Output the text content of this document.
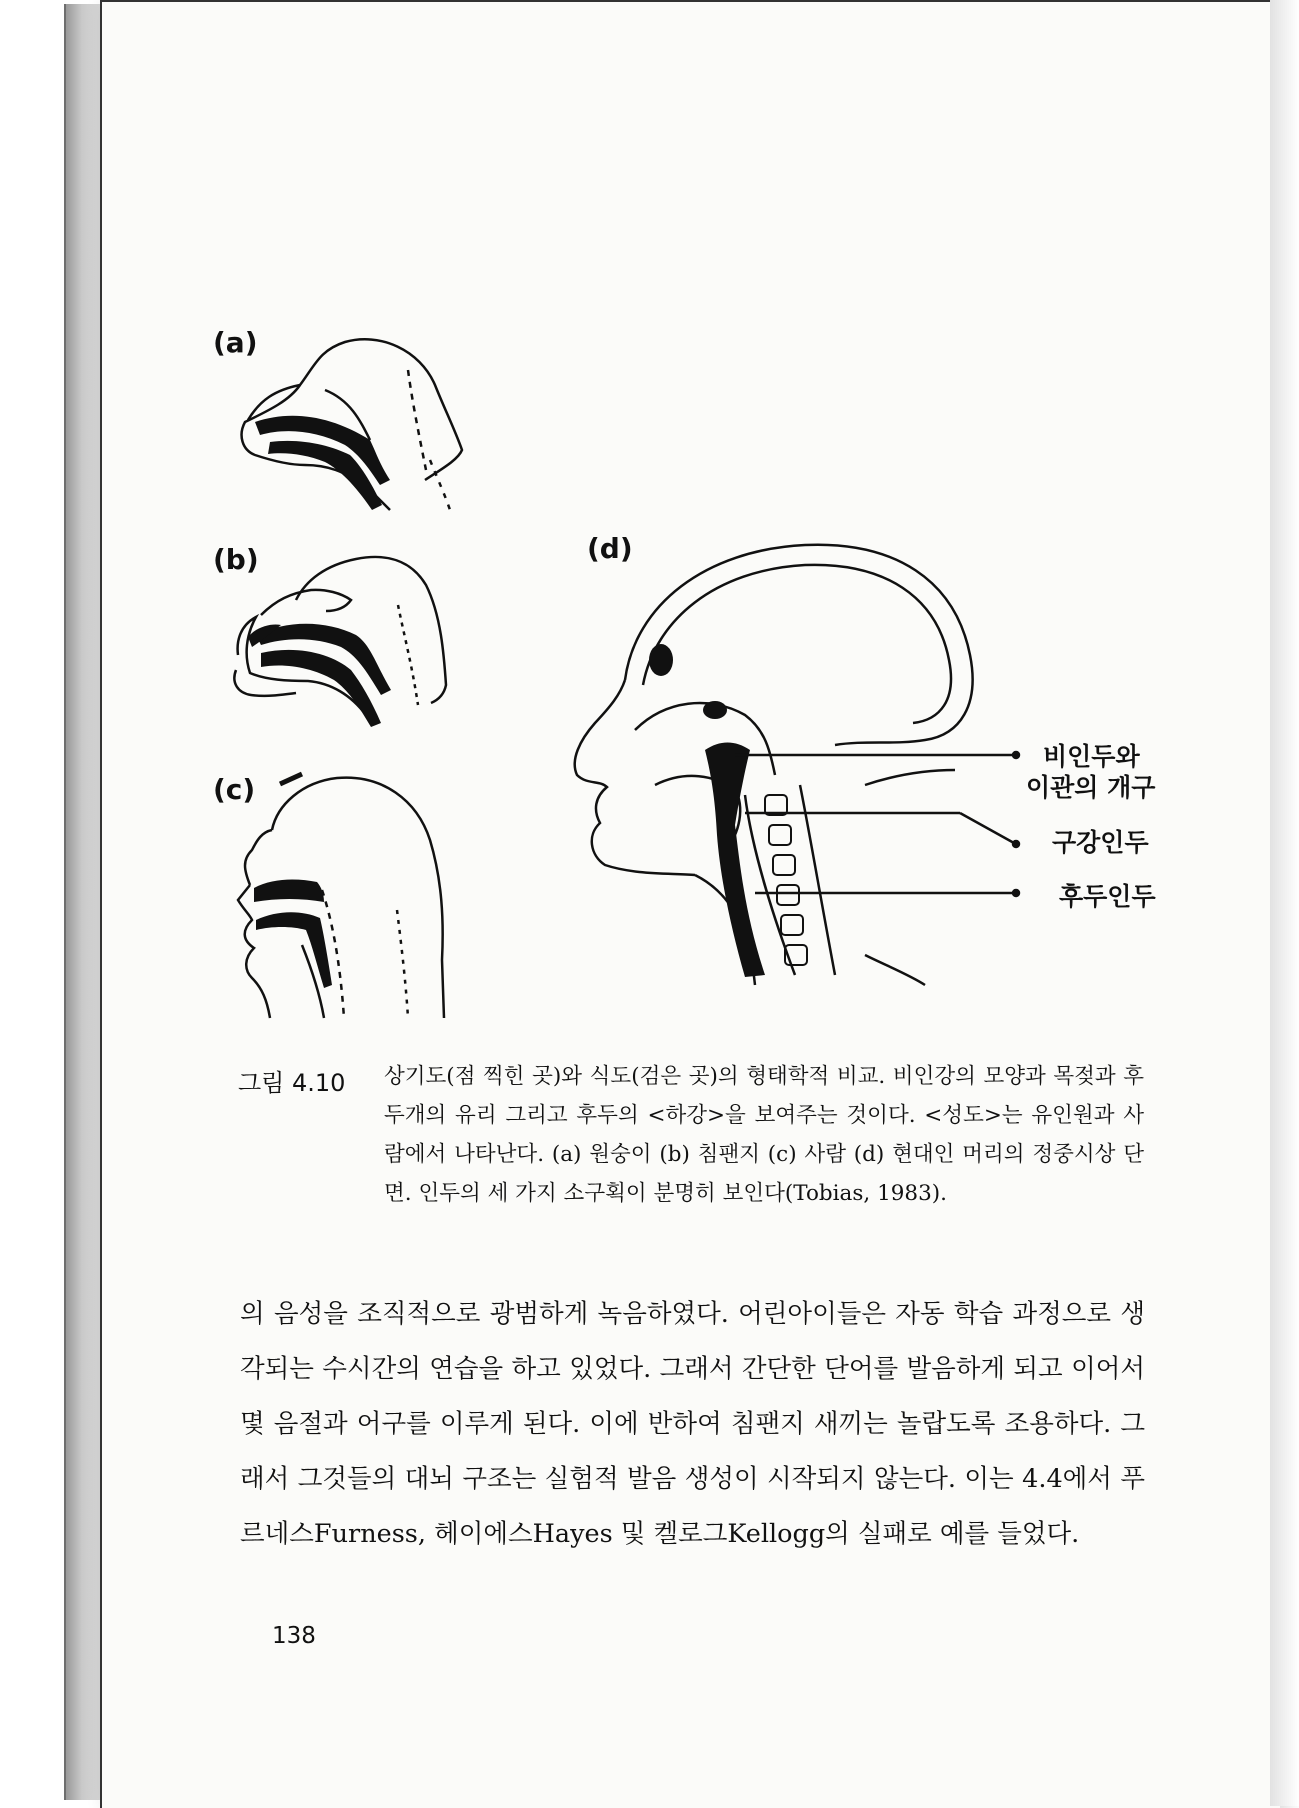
(a)
(b)
(c)
(d)
비인두와
이관의 개구
구강인두
후두인두
그림 4.10 상기도(점 찍힌 곳)와 식도(검은 곳)의 형태학적 비교. 비인강의 모양과 목젖과 후두개의 유리 그리고 후두의 <하강>을 보여주는 것이다. <성도>는 유인원과 사람에서 나타난다. (a) 원숭이 (b) 침팬지 (c) 사람 (d) 현대인 머리의 정중시상 단면. 인두의 세 가지 소구획이 분명히 보인다(Tobias, 1983).
의 음성을 조직적으로 광범하게 녹음하였다. 어린아이들은 자동 학습 과정으로 생각되는 수시간의 연습을 하고 있었다. 그래서 간단한 단어를 발음하게 되고 이어서 몇 음절과 어구를 이루게 된다. 이에 반하여 침팬지 새끼는 놀랍도록 조용하다. 그래서 그것들의 대뇌 구조는 실험적 발음 생성이 시작되지 않는다. 이는 4.4에서 푸르네스Furness, 헤이에스Hayes 및 켈로그Kellogg의 실패로 예를 들었다.
138
